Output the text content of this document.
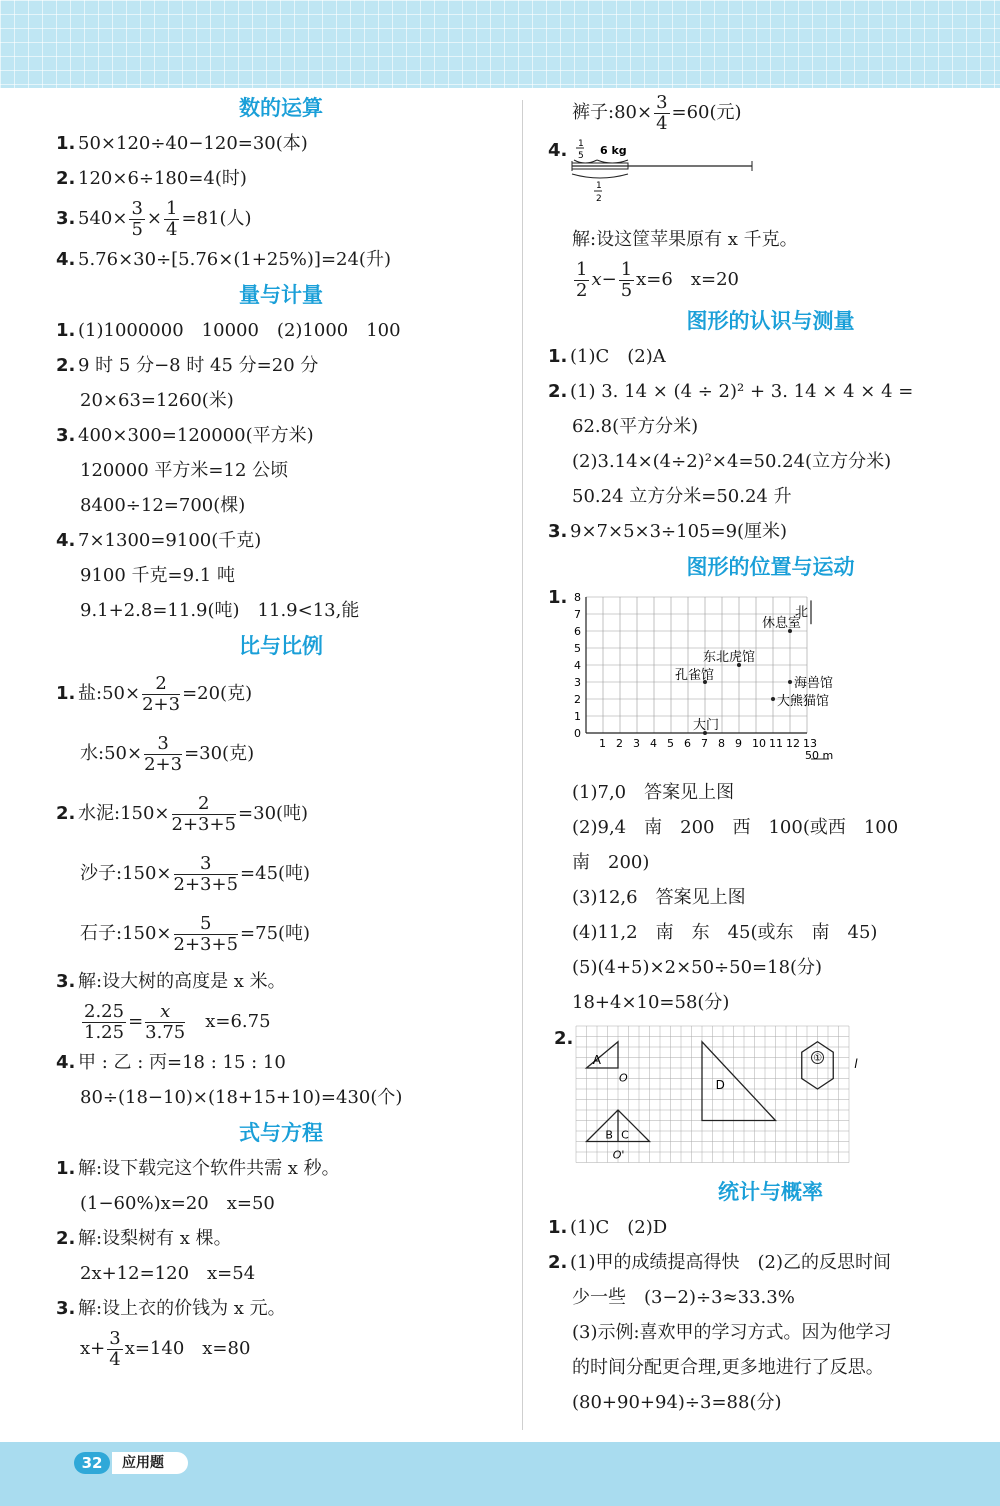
数的运算
1. 50×120÷40−120=30(本)
2. 120×6÷180=4(时)
3. $540\times \frac{3}{5} \times \frac{1}{4} =81$(人)
4. 5.76×30÷[5.76×(1+25%)]=24(升)
量与计量
1. (1)1000000　10000　(2)1000　100
2. 9 时 5 分−8 时 45 分=20 分
20×63=1260(米)
3. 400×300=120000(平方米)
120000 平方米=12 公顷
8400÷12=700(棵)
4. 7×1300=9100(千克)
9100 千克=9.1 吨
9.1+2.8=11.9(吨)　11.9<13,能
比与比例
1. 盐:50× $\frac{2}{2+3} =20$(克)
水:50× $\frac{3}{2+3} =30$(克)
2. 水泥:150× $\frac{2}{2+3+5} =30$(吨)
沙子:150× $\frac{3}{2+3+5} =45$(吨)
石子:150× $\frac{5}{2+3+5} =75$(吨)
3. 解:设大树的高度是 x 米。
$\frac{2.25}{1.25} = \frac{x}{3.75}$
　 x=6.75
4. 甲 : 乙 : 丙=18 : 15 : 10
80÷(18−10)×(18+15+10)=430(个)
式与方程
1. 解:设下载完这个软件共需 x 秒。
(1−60%)x=20　x=50
2. 解:设梨树有 x 棵。
2x+12=120　x=54
3. 解:设上衣的价钱为 x 元。
$x+ \frac{3}{4} x=140$　x=80
裤子:80× $\frac{3}{4} =60$(元)
4. 1
5 6 kg
1
2
解:设这筐苹果原有 x 千克。
$\frac{1}{2} x- \frac{1}{5} x=6$　x=20
图形的认识与测量
1. (1)C　(2)A
2. (1) 3. 14 × (4 ÷ 2)² + 3. 14 × 4 × 4 =
62.8(平方分米)
(2)3.14×(4÷2)²×4=50.24(立方分米)
50.24 立方分米=50.24 升
3. 9×7×5×3÷105=9(厘米)
图形的位置与运动
1.
1 2 3 4 5 6 7 8 9 10 11 12 13
0
1
2
3
4
5
6
7
8
休息室
东北虎馆
孔雀馆
海兽馆
大熊猫馆
大门
北
50 m
(1)7,0　答案见上图
(2)9,4　南　200　西　100(或西　100
南　200)
(3)12,6　答案见上图
(4)11,2　南　东　45(或东　南　45)
(5)(4+5)×2×50÷50=18(分)
18+4×10=58(分)
2.
A
O	D
①	l
B C
O'
统计与概率
1. (1)C　(2)D
2. (1)甲的成绩提高得快　(2)乙的反思时间
少一些　(3−2)÷3≈33.3%
(3)示例:喜欢甲的学习方式。因为他学习
的时间分配更合理,更多地进行了反思。
(80+90+94)÷3=88(分)
32	应用题
